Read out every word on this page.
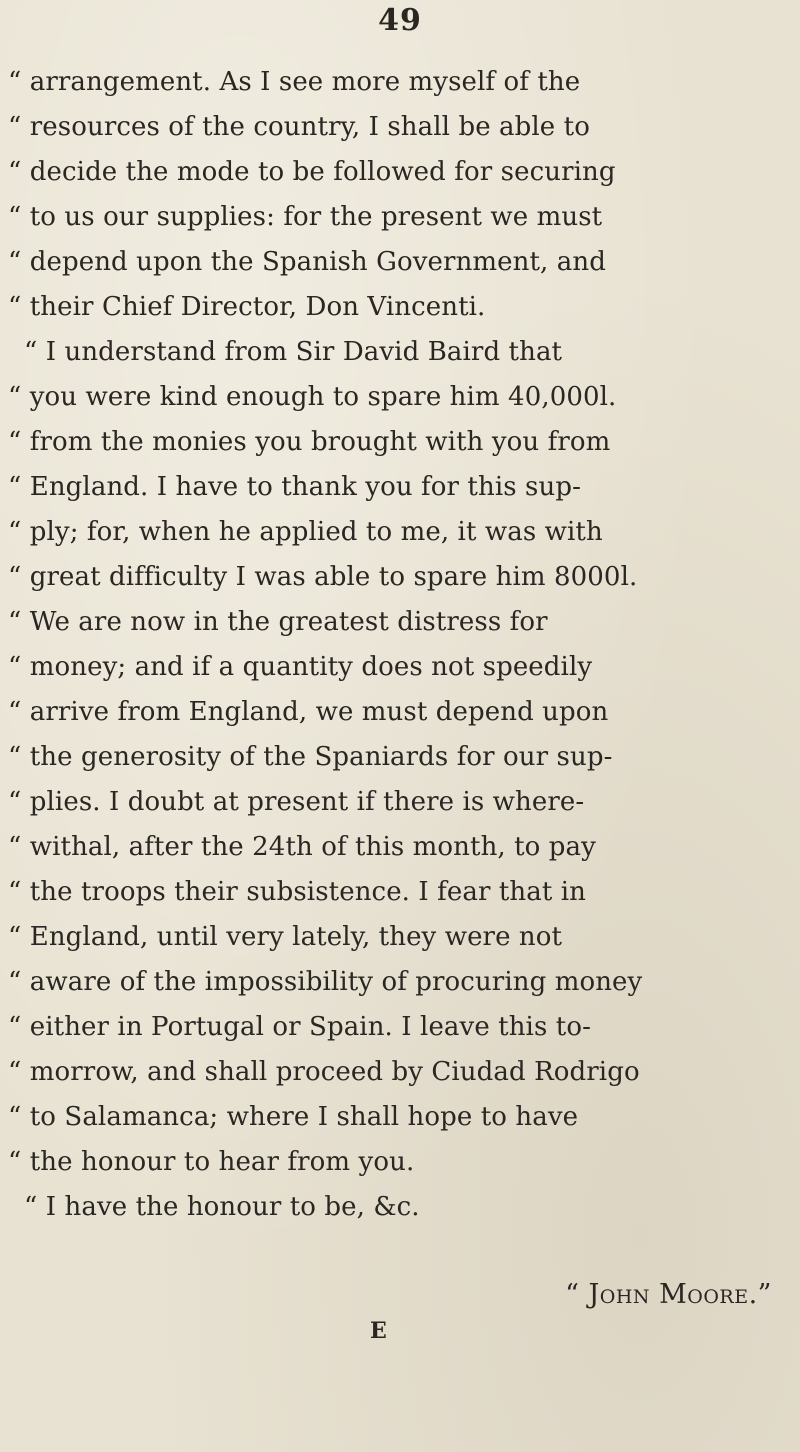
49
“ arrangement. As I see more myself of the
“ resources of the country, I shall be able to
“ decide the mode to be followed for securing
“ to us our supplies: for the present we must
“ depend upon the Spanish Government, and
“ their Chief Director, Don Vincenti.
“ I understand from Sir David Baird that
“ you were kind enough to spare him 40,000l.
“ from the monies you brought with you from
“ England. I have to thank you for this sup-
“ ply; for, when he applied to me, it was with
“ great difficulty I was able to spare him 8000l.
“ We are now in the greatest distress for
“ money; and if a quantity does not speedily
“ arrive from England, we must depend upon
“ the generosity of the Spaniards for our sup-
“ plies. I doubt at present if there is where-
“ withal, after the 24th of this month, to pay
“ the troops their subsistence. I fear that in
“ England, until very lately, they were not
“ aware of the impossibility of procuring money
“ either in Portugal or Spain. I leave this to-
“ morrow, and shall proceed by Ciudad Rodrigo
“ to Salamanca; where I shall hope to have
“ the honour to hear from you.
“ I have the honour to be, &c.
“ John Moore.”
E
